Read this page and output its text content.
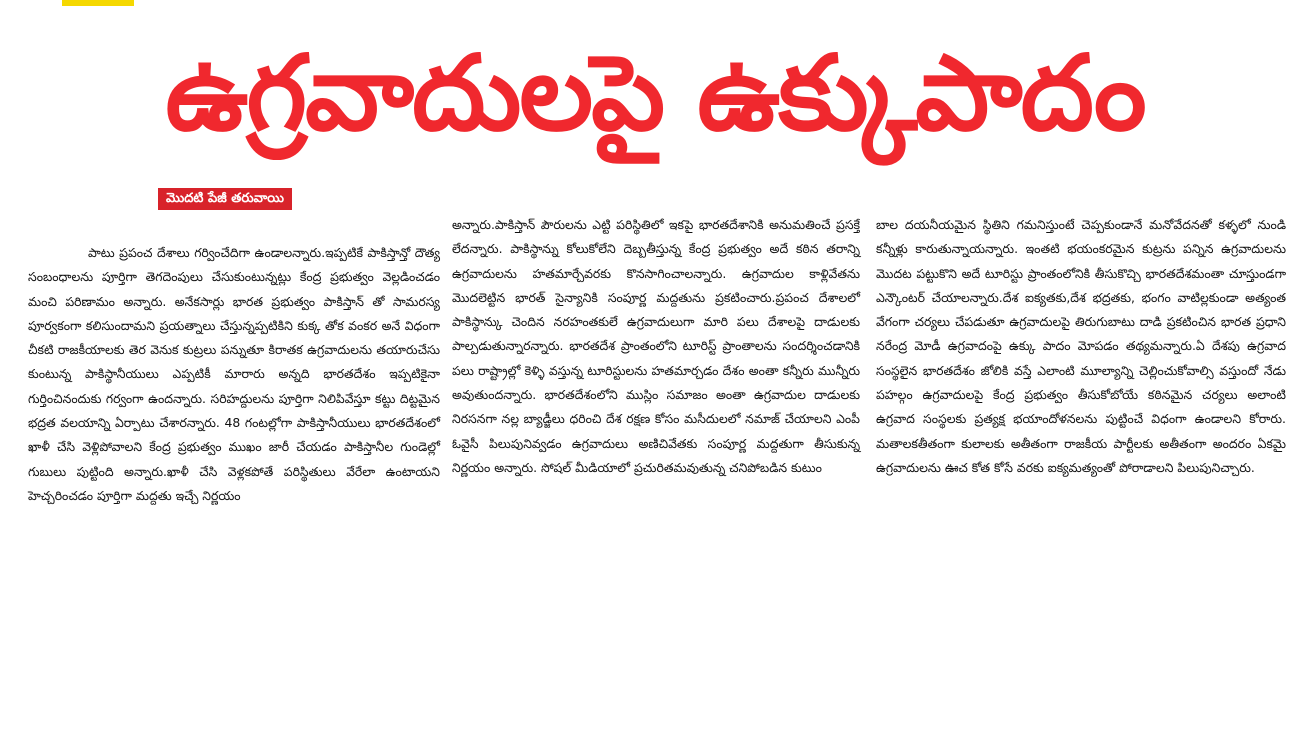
ఉగ్రవాదులపై ఉక్కుపాదం
మొదటి పేజీ తరువాయి

పాటు ప్రపంచ దేశాలు గర్వించేదిగా ఉండాలన్నారు.ఇప్పటికే పాకిస్తాన్తో దౌత్య సంబంధాలను పూర్తిగా తెగదెంపులు చేసుకుంటున్నట్లు కేంద్ర ప్రభుత్వం వెల్లడించడం మంచి పరిణామం అన్నారు. అనేకసార్లు భారత ప్రభుత్వం పాకిస్తాన్ తో సామరస్య పూర్వకంగా కలిసుందామని ప్రయత్నాలు చేస్తున్నప్పటికిని కుక్క తోక వంకర అనే విధంగా చీకటి రాజకీయాలకు తెర వెనుక కుట్రలు పన్నుతూ కిరాతక ఉగ్రవాదులను తయారుచేసు కుంటున్న పాకిస్థానీయులు ఎప్పటికీ మారారు అన్నది భారతదేశం ఇప్పటికైనా గుర్తించినందుకు గర్వంగా ఉందన్నారు. సరిహద్దులను పూర్తిగా నిలిపివేస్తూ కట్టు దిట్టమైన భద్రత వలయాన్ని ఏర్పాటు చేశారన్నారు. 48 గంటల్లోగా పాకిస్తానీయులు భారతదేశంలో ఖాళీ చేసి వెళ్లిపోవాలని కేంద్ర ప్రభుత్వం ముఖం జారీ చేయడం పాకిస్తానీల గుండెల్లో గుబులు పుట్టింది అన్నారు.ఖాళీ చేసి వెళ్లకపోతే పరిస్థితులు వేరేలా ఉంటాయని హెచ్చరించడం పూర్తిగా మద్దతు ఇచ్చే నిర్ణయం

అన్నారు.పాకిస్తాన్ పౌరులను ఎట్టి పరిస్థితిలో ఇకపై భారతదేశానికి అనుమతించే ప్రసక్తే లేదన్నారు. పాకిస్థాన్ను కోలుకోలేని దెబ్బతీస్తున్న కేంద్ర ప్రభుత్వం అదే కఠిన తరాన్ని ఉగ్రవాదులను హతమార్చేవరకు కొనసాగించాలన్నారు. ఉగ్రవాదుల కాళ్లివేతను మొదలెట్టిన భారత్ సైన్యానికి సంపూర్ణ మద్దతును ప్రకటించారు.ప్రపంచ దేశాలలో పాకిస్థాన్కు చెందిన నరహంతకులే ఉగ్రవాదులుగా మారి పలు దేశాలపై దాడులకు పాల్పడుతున్నారన్నారు. భారతదేశ ప్రాంతంలోని టూరిస్ట్ ప్రాంతాలను సందర్శించడానికి పలు రాష్ట్రాల్లో కెళ్ళి వస్తున్న టూరిస్టులను హతమార్చడం దేశం అంతా కన్నీరు మున్నీరు అవుతుందన్నారు. భారతదేశంలోని ముస్లిం సమాజం అంతా ఉగ్రవాదుల దాడులకు నిరసనగా నల్ల బ్యాడ్జీలు ధరించి దేశ రక్షణ కోసం మసీదులలో నమాజ్ చేయాలని ఎంపీ ఓవైసీ పిలుపునివ్వడం ఉగ్రవాదులు అణిచివేతకు సంపూర్ణ మద్దతుగా తీసుకున్న నిర్ణయం అన్నారు. సోషల్ మీడియాలో ప్రచురితమవుతున్న చనిపోబడిన కుటుం

బాల దయనీయమైన స్థితిని గమనిస్తుంటే చెప్పకుండానే మనోవేదనతో కళ్ళలో నుండి కన్నీళ్లు కారుతున్నాయన్నారు. ఇంతటి భయంకరమైన కుట్రను పన్నిన ఉగ్రవాదులను మొదట పట్టుకొని అదే టూరిస్టు ప్రాంతంలోనికి తీసుకొచ్చి భారతదేశమంతా చూస్తుండగా ఎన్కౌంటర్ చేయాలన్నారు.దేశ ఐక్యతకు,దేశ భద్రతకు, భంగం వాటిల్లకుండా అత్యంత వేగంగా చర్యలు చేపడుతూ ఉగ్రవాదులపై తిరుగుబాటు దాడి ప్రకటించిన భారత ప్రధాని నరేంద్ర మోడీ ఉగ్రవాదంపై ఉక్కు పాదం మోపడం తథ్యమన్నారు.ఏ దేశపు ఉగ్రవాద సంస్థలైన భారతదేశం జోలికి వస్తే ఎలాంటి మూల్యాన్ని చెల్లించుకోవాల్సి వస్తుందో నేడు పహల్గం ఉగ్రవాదులపై కేంద్ర ప్రభుత్వం తీసుకోబోయే కఠినమైన చర్యలు అలాంటి ఉగ్రవాద సంస్థలకు ప్రత్యక్ష భయాందోళనలను పుట్టించే విధంగా ఉండాలని కోరారు. మతాలకతీతంగా కులాలకు అతీతంగా రాజకీయ పార్టీలకు అతీతంగా అందరం ఏకమై ఉగ్రవాదులను ఊచ కోత కోసే వరకు ఐక్యమత్యంతో పోరాడాలని పిలుపునిచ్చారు.
